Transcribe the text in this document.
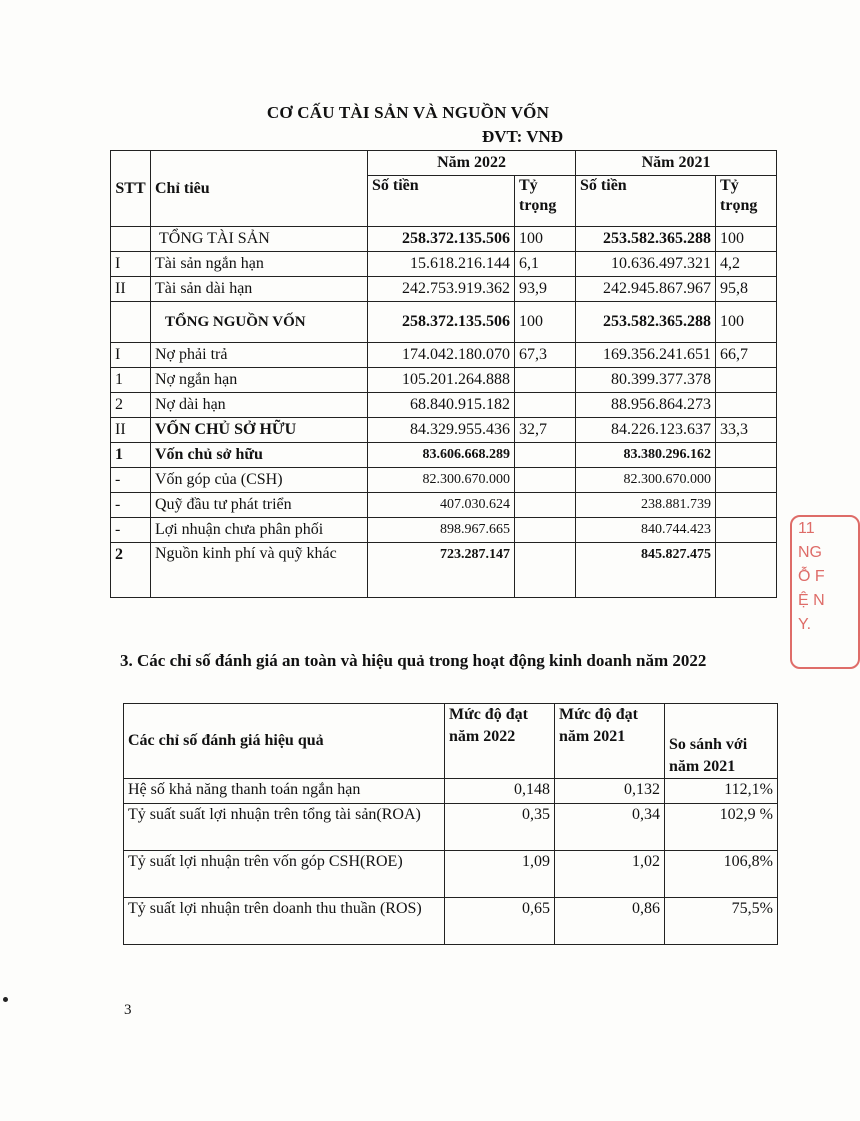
CƠ CẤU TÀI SẢN VÀ NGUỒN VỐN
ĐVT: VNĐ
STT	Chỉ tiêu	Năm 2022		Năm 2021	
		Số tiền	Tỷ trọng	Số tiền	Tỷ trọng
	TỔNG TÀI SẢN	258.372.135.506	100	253.582.365.288	100
I	Tài sản ngắn hạn	15.618.216.144	6,1	10.636.497.321	4,2
II	Tài sản dài hạn	242.753.919.362	93,9	242.945.867.967	95,8
	TỔNG NGUỒN VỐN	258.372.135.506	100	253.582.365.288	100
I	Nợ phải trả	174.042.180.070	67,3	169.356.241.651	66,7
1	Nợ ngắn hạn	105.201.264.888		80.399.377.378	
2	Nợ dài hạn	68.840.915.182		88.956.864.273	
II	VỐN CHỦ SỞ HỮU	84.329.955.436	32,7	84.226.123.637	33,3
1	Vốn chủ sở hữu	83.606.668.289		83.380.296.162	
-	Vốn góp của (CSH)	82.300.670.000		82.300.670.000	
-	Quỹ đầu tư phát triển	407.030.624		238.881.739	
-	Lợi nhuận chưa phân phối	898.967.665		840.744.423	
2	Nguồn kinh phí và quỹ khác	723.287.147		845.827.475	
3. Các chỉ số đánh giá an toàn và hiệu quả trong hoạt động kinh doanh năm 2022
Các chỉ số đánh giá hiệu quả	Mức độ đạt năm 2022	Mức độ đạt năm 2021	So sánh với năm 2021
Hệ số khả năng thanh toán ngắn hạn	0,148	0,132	112,1%
Tỷ suất suất lợi nhuận trên tổng tài sản(ROA)	0,35	0,34	102,9 %
Tỷ suất lợi nhuận trên vốn góp CSH(ROE)	1,09	1,02	106,8%
Tỷ suất lợi nhuận trên doanh thu thuần (ROS)	0,65	0,86	75,5%
3
11
NG
Ỗ F
Ệ N
Y.
